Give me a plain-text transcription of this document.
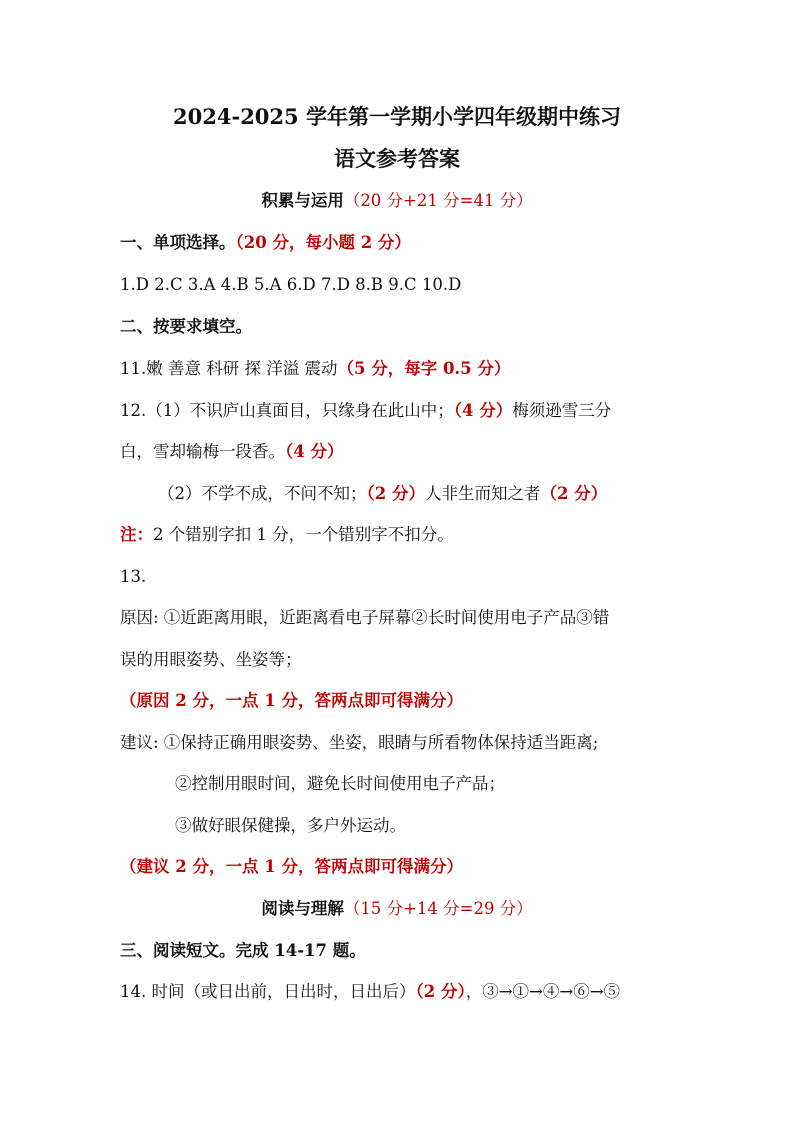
2024-2025 学年第一学期小学四年级期中练习
语文参考答案
积累与运用（20 分+21 分=41 分）
一、单项选择。（20 分，每小题 2 分）
1.D 2.C 3.A 4.B 5.A 6.D 7.D 8.B 9.C 10.D
二、按要求填空。
11.嫩 善意 科研 探 洋溢 震动（5 分，每字 0.5 分）
12.（1）不识庐山真面目，只缘身在此山中；（4 分）梅须逊雪三分
白，雪却输梅一段香。（4 分）
（2）不学不成，不问不知；（2 分）人非生而知之者（2 分）
注：2 个错别字扣 1 分，一个错别字不扣分。
13.
原因: ①近距离用眼，近距离看电子屏幕②长时间使用电子产品③错
误的用眼姿势、坐姿等；
（原因 2 分，一点 1 分，答两点即可得满分）
建议: ①保持正确用眼姿势、坐姿，眼睛与所看物体保持适当距离;
②控制用眼时间，避免长时间使用电子产品；
③做好眼保健操，多户外运动。
（建议 2 分，一点 1 分，答两点即可得满分）
阅读与理解（15 分+14 分=29 分）
三、阅读短文。完成 14-17 题。
14. 时间（或日出前，日出时，日出后）（2 分），③→①→④→⑥→⑤
